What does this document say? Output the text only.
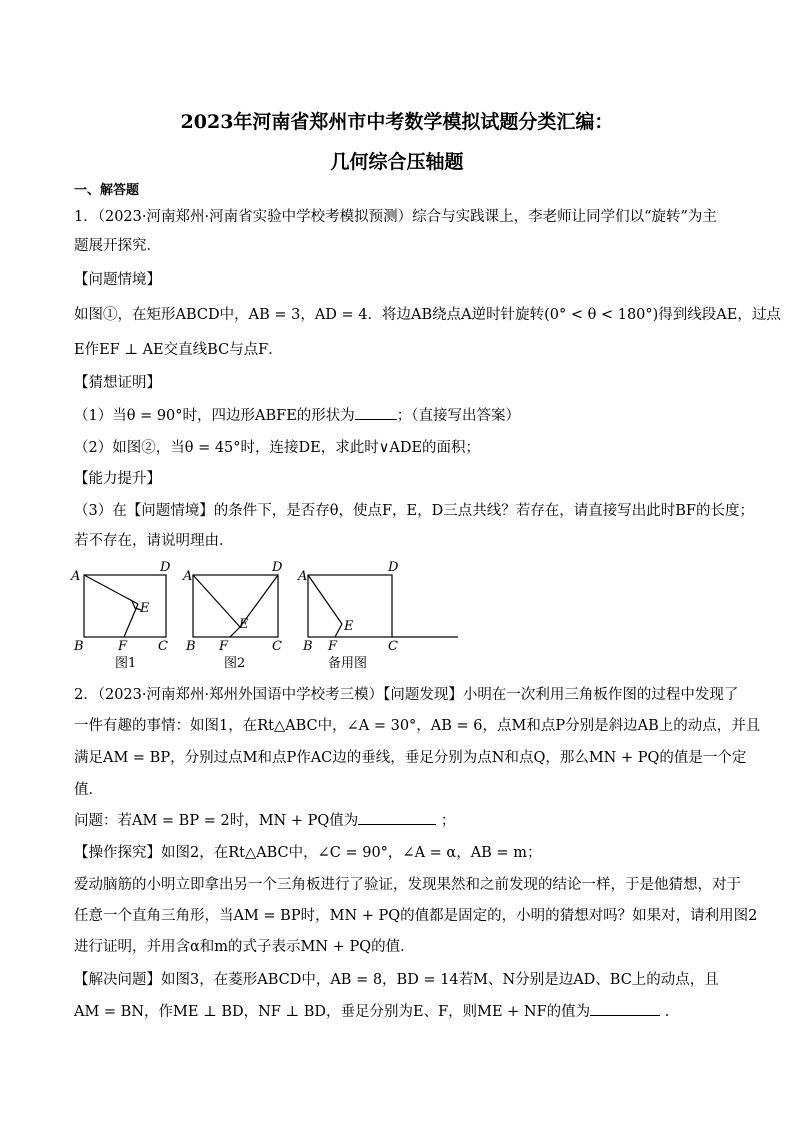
2023年河南省郑州市中考数学模拟试题分类汇编：
几何综合压轴题
一、解答题
1．（2023·河南郑州·河南省实验中学校考模拟预测）综合与实践课上，李老师让同学们以“旋转”为主
题展开探究．
【问题情境】
如图①，在矩形ABCD中，AB = 3，AD = 4．将边AB绕点A逆时针旋转(0° < θ < 180°)得到线段AE，过点
E作EF ⊥ AE交直线BC与点F．
【猜想证明】
（1）当θ = 90°时，四边形ABFE的形状为	；（直接写出答案）
（2）如图②，当θ = 45°时，连接DE，求此时∨ADE的面积；
【能力提升】
（3）在【问题情境】的条件下，是否存θ，使点F，E，D三点共线？若存在，请直接写出此时BF的长度；
若不存在，请说明理由．
A
D
E
B	F C
A
D
E
B F	C
A
D
E
B F	C
图1	图2	备用图
2．（2023·河南郑州·郑州外国语中学校考三模）【问题发现】小明在一次利用三角板作图的过程中发现了
一件有趣的事情：如图1，在Rt△ABC中，∠A = 30°，AB = 6，点M和点P分别是斜边AB上的动点，并且
满足AM = BP，分别过点M和点P作AC边的垂线，垂足分别为点N和点Q，那么MN + PQ的值是一个定
值．
问题：若AM = BP = 2时，MN + PQ值为	；
【操作探究】如图2，在Rt△ABC中，∠C = 90°，∠A = α，AB = m；
爱动脑筋的小明立即拿出另一个三角板进行了验证，发现果然和之前发现的结论一样，于是他猜想，对于
任意一个直角三角形，当AM = BP时，MN + PQ的值都是固定的，小明的猜想对吗？如果对，请利用图2
进行证明，并用含α和m的式子表示MN + PQ的值．
【解决问题】如图3，在菱形ABCD中，AB = 8，BD = 14若M、N分别是边AD、BC上的动点，且
AM = BN，作ME ⊥ BD，NF ⊥ BD，垂足分别为E、F，则ME + NF的值为	．
